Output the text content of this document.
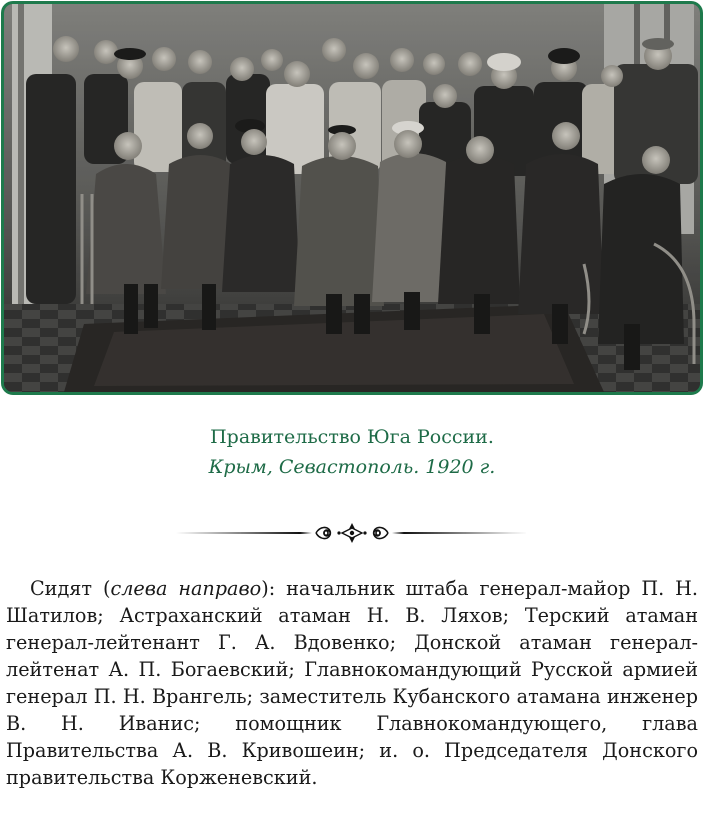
Правительство Юга России.
Крым, Севастополь. 1920 г.

Сидят (слева направо): начальник штаба генерал-майор П. Н. Шатилов; Астраханский атаман Н. В. Ляхов; Терский атаман генерал-лейтенант Г. А. Вдовенко; Донской атаман генерал-лейтенат А. П. Богаевский; Главнокомандующий Русской армией генерал П. Н. Врангель; заместитель Кубанского атамана инженер В. Н. Иванис; помощник Главнокомандующего, глава Правительства А. В. Кривошеин; и. о. Председателя Донского правительства Корженевский.
